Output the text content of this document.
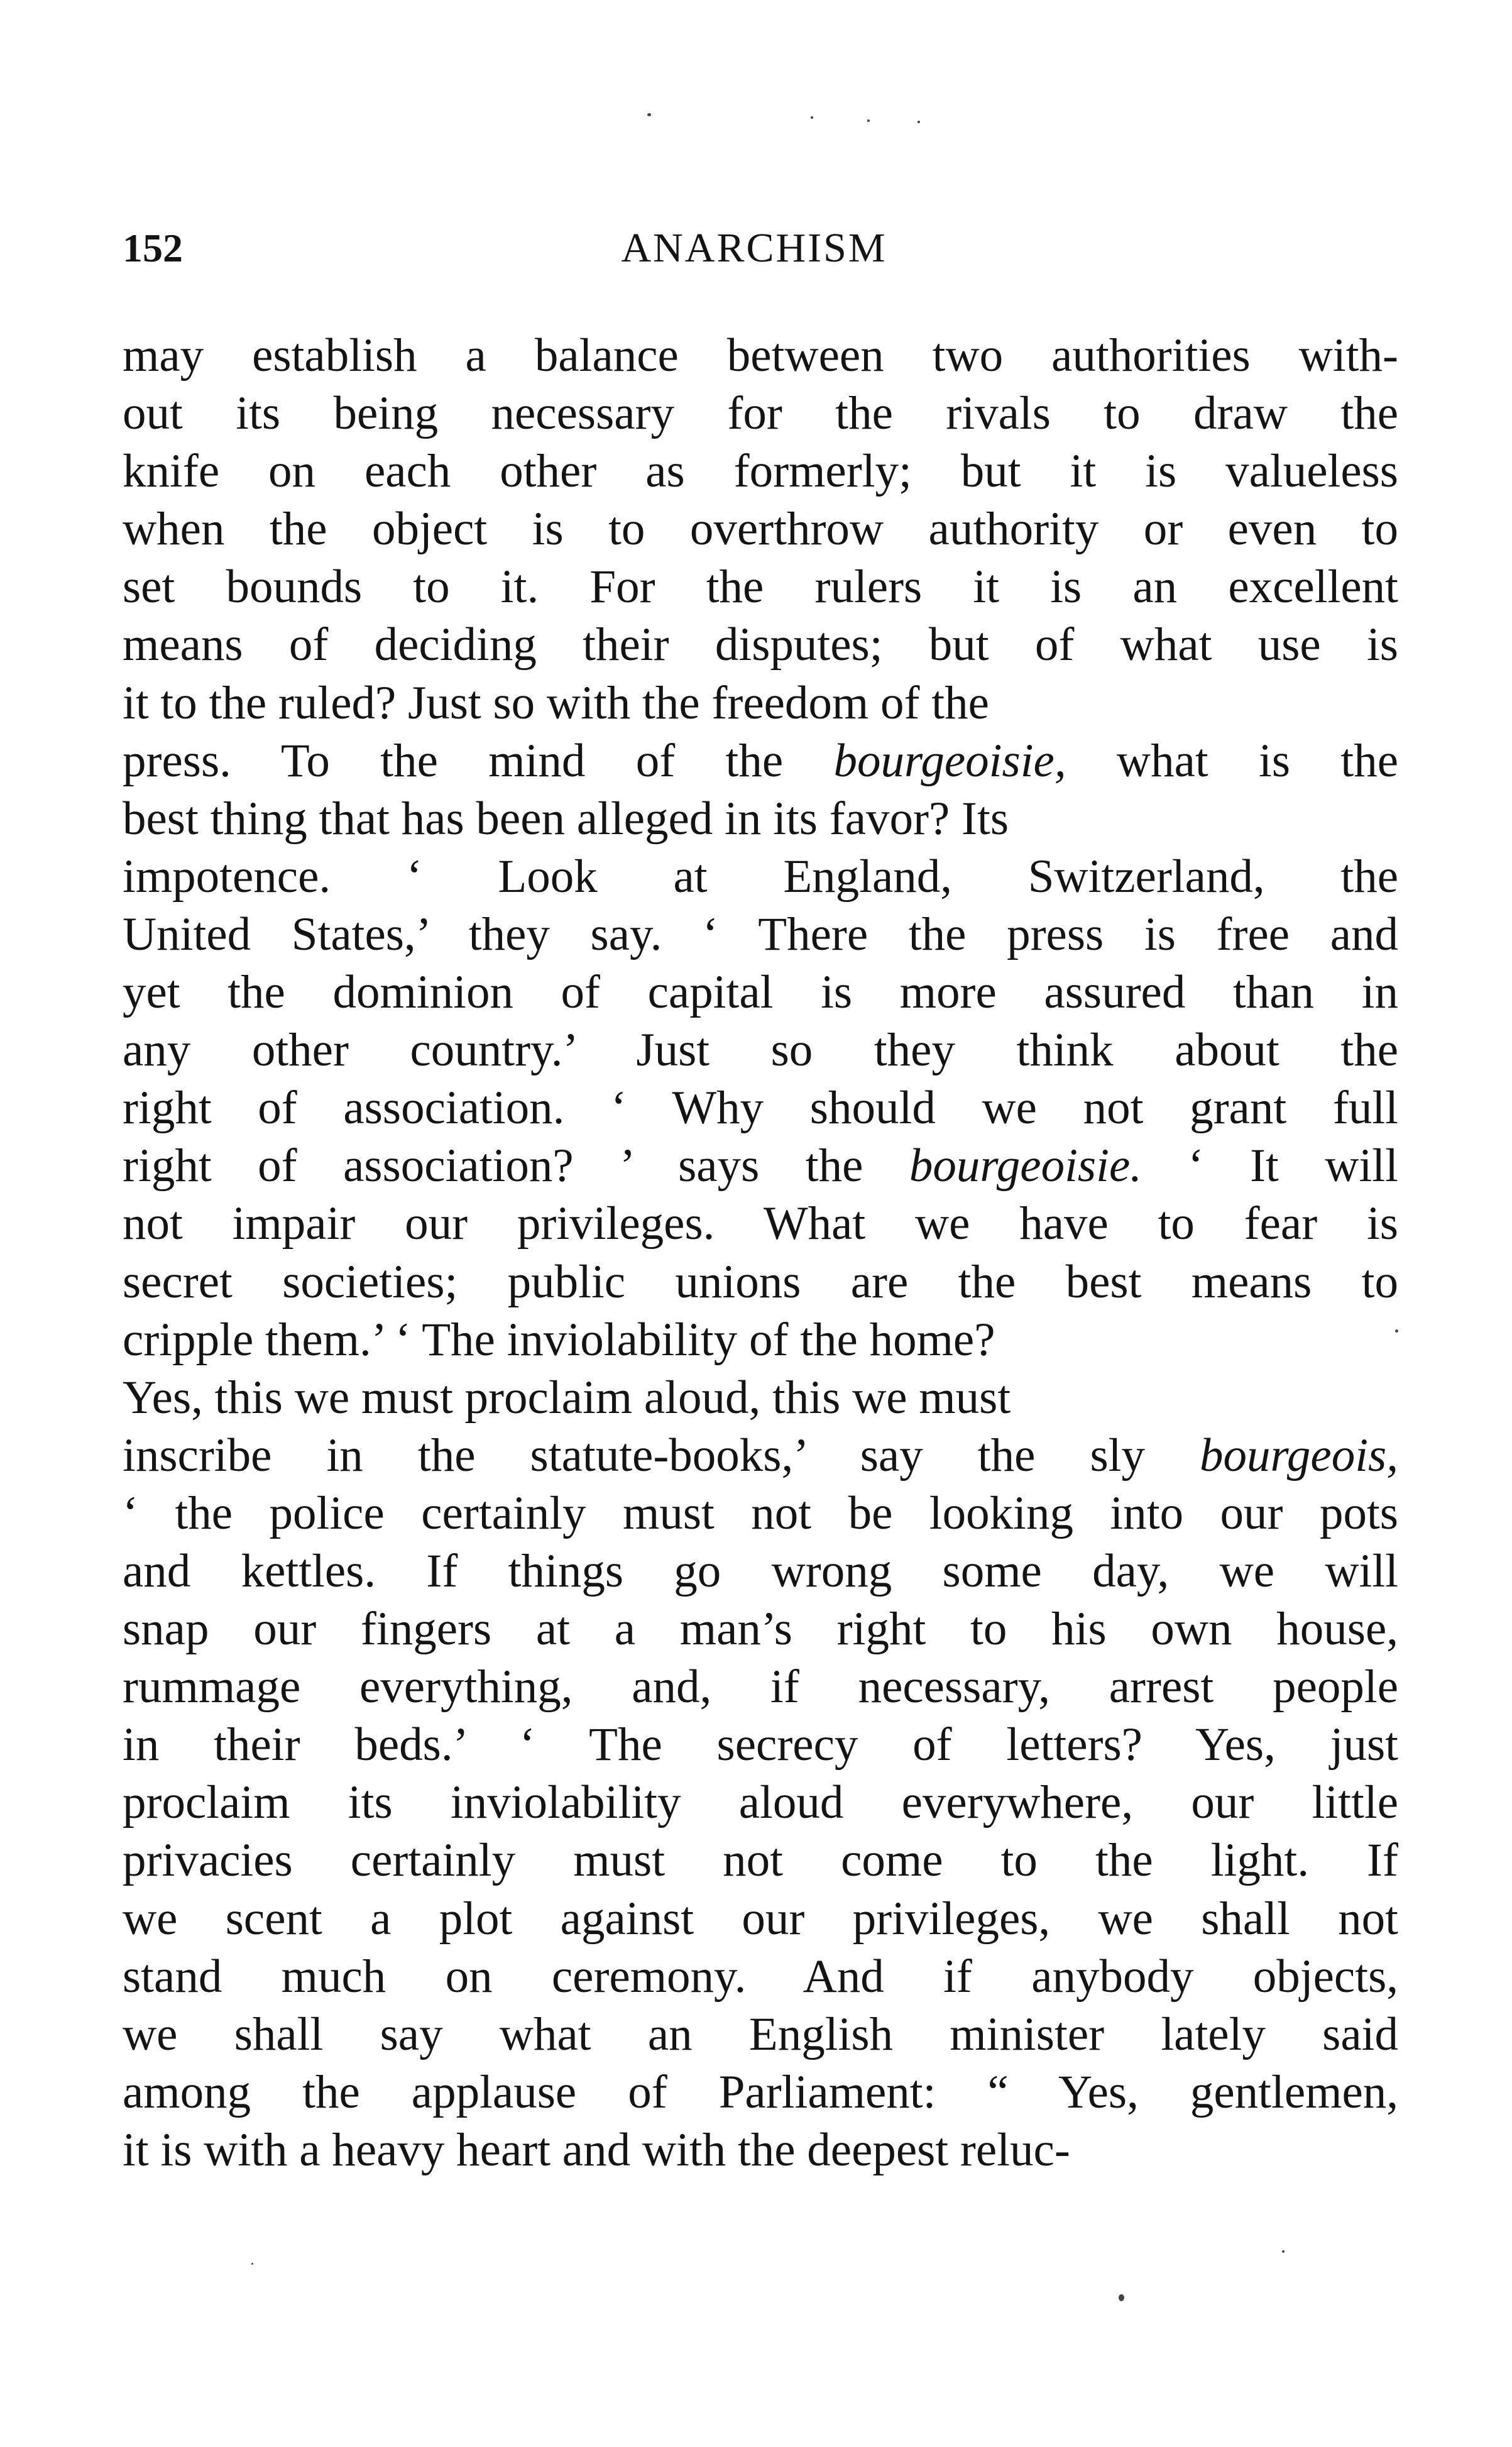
152	ANARCHISM
may establish a balance between two authorities with-
out its being necessary for the rivals to draw the
knife on each other as formerly; but it is valueless
when the object is to overthrow authority or even to
set bounds to it. For the rulers it is an excellent
means of deciding their disputes; but of what use is
it to the ruled? Just so with the freedom of the
press. To the mind of the bourgeoisie, what is the
best thing that has been alleged in its favor? Its
impotence. ‘ Look at England, Switzerland, the
United States,’ they say. ‘ There the press is free and
yet the dominion of capital is more assured than in
any other country.’ Just so they think about the
right of association. ‘ Why should we not grant full
right of association? ’ says the bourgeoisie. ‘ It will
not impair our privileges. What we have to fear is
secret societies; public unions are the best means to
cripple them.’ ‘ The inviolability of the home?
Yes, this we must proclaim aloud, this we must
inscribe in the statute-books,’ say the sly bourgeois,
‘ the police certainly must not be looking into our pots
and kettles. If things go wrong some day, we will
snap our fingers at a man’s right to his own house,
rummage everything, and, if necessary, arrest people
in their beds.’ ‘ The secrecy of letters? Yes, just
proclaim its inviolability aloud everywhere, our little
privacies certainly must not come to the light. If
we scent a plot against our privileges, we shall not
stand much on ceremony. And if anybody objects,
we shall say what an English minister lately said
among the applause of Parliament: “ Yes, gentlemen,
it is with a heavy heart and with the deepest reluc-
